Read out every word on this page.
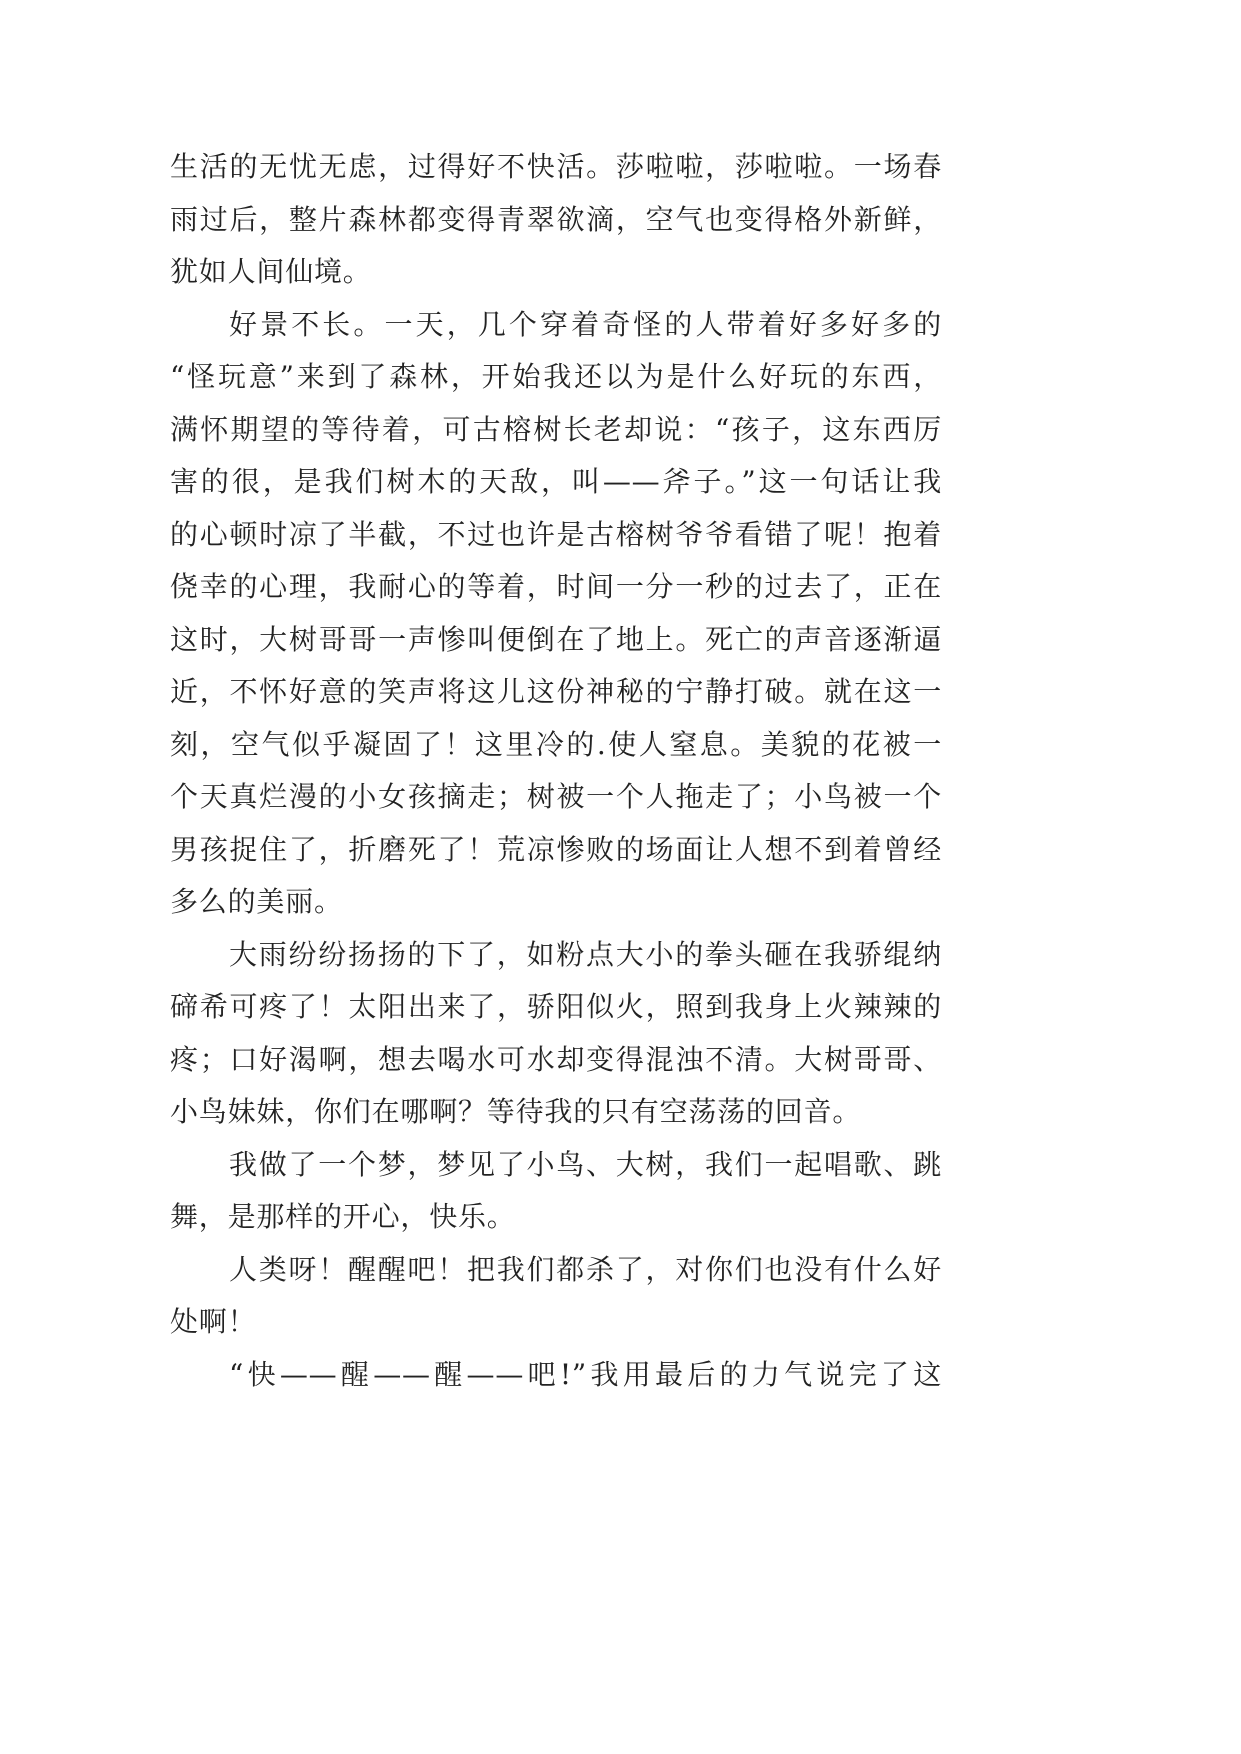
生活的无忧无虑，过得好不快活。莎啦啦，莎啦啦。一场春
雨过后，整片森林都变得青翠欲滴，空气也变得格外新鲜，
犹如人间仙境。
好景不长。一天，几个穿着奇怪的人带着好多好多的
“怪玩意”来到了森林，开始我还以为是什么好玩的东西，
满怀期望的等待着，可古榕树长老却说：“孩子，这东西厉
害的很，是我们树木的天敌，叫——斧子。”这一句话让我
的心顿时凉了半截，不过也许是古榕树爷爷看错了呢！抱着
侥幸的心理，我耐心的等着，时间一分一秒的过去了，正在
这时，大树哥哥一声惨叫便倒在了地上。死亡的声音逐渐逼
近，不怀好意的笑声将这儿这份神秘的宁静打破。就在这一
刻，空气似乎凝固了！这里冷的.使人窒息。美貌的花被一
个天真烂漫的小女孩摘走；树被一个人拖走了；小鸟被一个
男孩捉住了，折磨死了！荒凉惨败的场面让人想不到着曾经
多么的美丽。
大雨纷纷扬扬的下了，如粉点大小的拳头砸在我骄绲纳
碲希可疼了！太阳出来了，骄阳似火，照到我身上火辣辣的
疼；口好渴啊，想去喝水可水却变得混浊不清。大树哥哥、
小鸟妹妹，你们在哪啊？等待我的只有空荡荡的回音。
我做了一个梦，梦见了小鸟、大树，我们一起唱歌、跳
舞，是那样的开心，快乐。
人类呀！醒醒吧！把我们都杀了，对你们也没有什么好
处啊！
“快——醒——醒——吧!”我用最后的力气说完了这
